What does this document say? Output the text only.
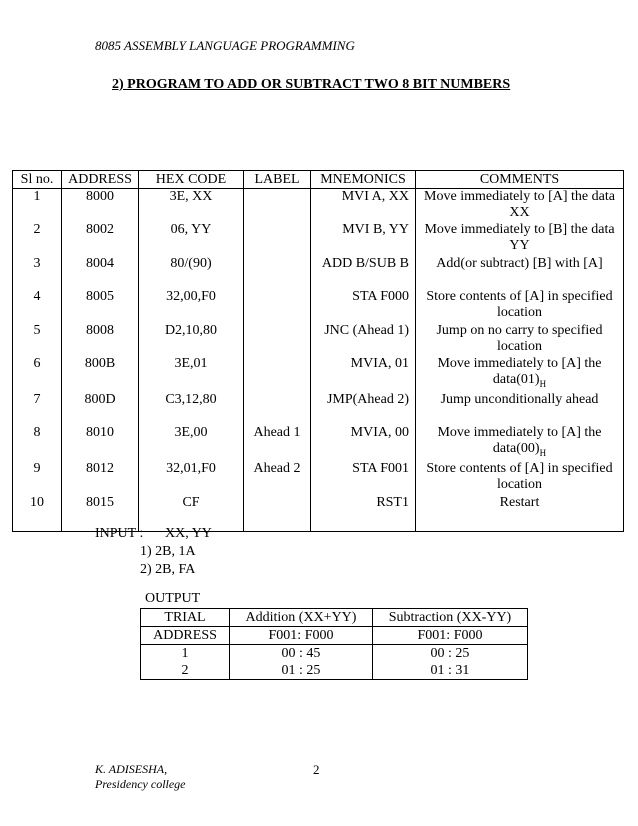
8085 ASSEMBLY LANGUAGE PROGRAMMING
2) PROGRAM TO ADD OR SUBTRACT TWO 8 BIT NUMBERS
Sl no.	ADDRESS	HEX CODE	LABEL	MNEMONICS	COMMENTS
1	8000	3E, XX		MVI A, XX	Move immediately to [A] the data XX
2	8002	06, YY		MVI B, YY	Move immediately to [B] the data YY
3	8004	80/(90)		ADD B/SUB B	Add(or subtract) [B] with [A]
4	8005	32,00,F0		STA F000	Store contents of [A] in specified location
5	8008	D2,10,80		JNC (Ahead 1)	Jump on no carry to specified location
6	800B	3E,01		MVIA, 01	Move immediately to [A] the $data(01)_H$
7	800D	C3,12,80		JMP(Ahead 2)	Jump unconditionally ahead
8	8010	3E,00	Ahead 1	MVIA, 00	Move immediately to [A] the $data(00)_H$
9	8012	32,01,F0	Ahead 2	STA F001	Store contents of [A] in specified location
10	8015	CF		RST1	Restart
INPUT :	XX, YY
1) 2B, 1A
2) 2B, FA
OUTPUT
TRIAL	Addition (XX+YY)	Subtraction (XX-YY)
ADDRESS	F001: F000	F001: F000
1	00 : 45	00 : 25
2	01 : 25	01 : 31
K. ADISESHA,
Presidency college
2
